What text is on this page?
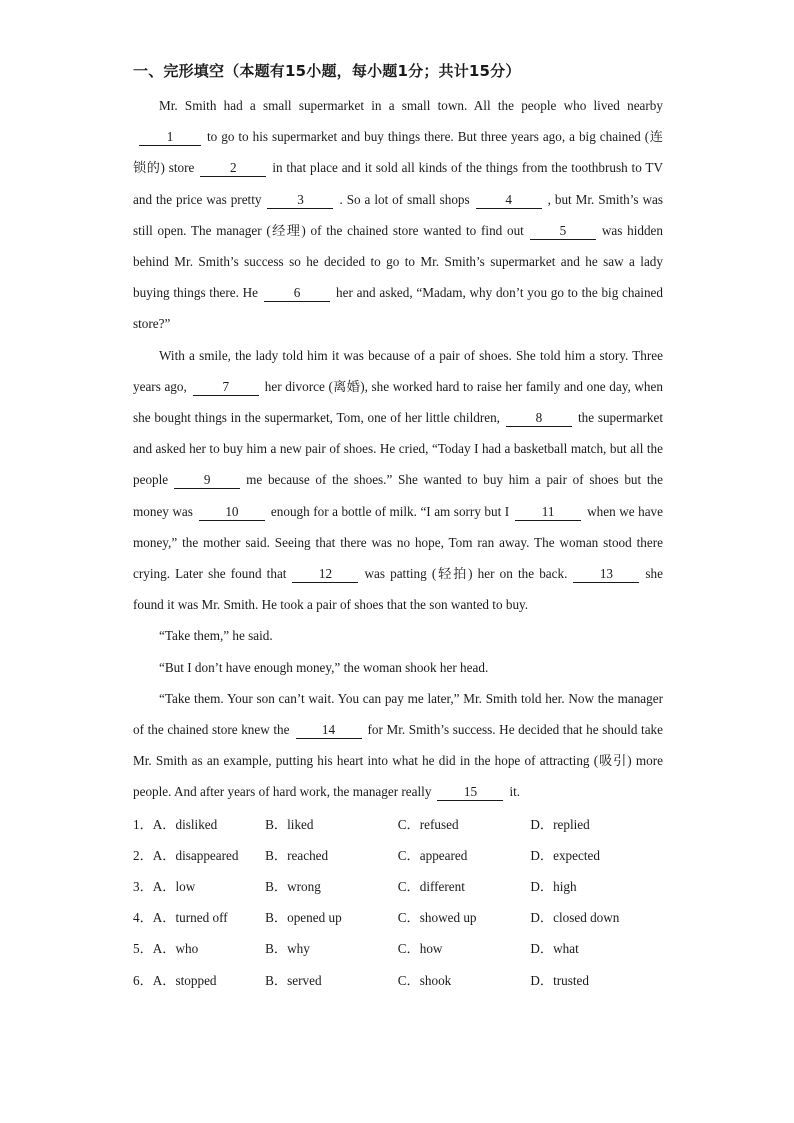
一、完形填空（本题有15小题，每小题1分；共计15分）

Mr. Smith had a small supermarket in a small town. All the people who lived nearby1	to go to his supermarket and buy things there. But three years ago, a big chained (连锁的) store	2	in that place and it sold all kinds of the things from the toothbrush to TV and the price was pretty	3	. So a lot of small shops	4	, but Mr. Smith’s was still open. The manager (经理) of the chained store wanted to find out	5	was hidden behind Mr. Smith’s success so he decided to go to Mr. Smith’s supermarket and he saw a lady buying things there. He	6	her and asked, “Madam, why don’t you go to the big chained store?”

With a smile, the lady told him it was because of a pair of shoes. She told him a story. Three years ago,	7	her divorce (离婚), she worked hard to raise her family and one day, when she bought things in the supermarket, Tom, one of her little children,	8	the supermarket and asked her to buy him a new pair of shoes. He cried, “Today I had a basketball match, but all the people	9	me because of the shoes.” She wanted to buy him a pair of shoes but the money was 10 enough for a bottle of milk. “I am sorry but I 11 when we have money,” the mother said. Seeing that there was no hope, Tom ran away. The woman stood there crying. Later she found that 12 was patting (轻拍) her on the back. 13 she found it was Mr. Smith. He took a pair of shoes that the son wanted to buy.

“Take them,” he said.

“But I don’t have enough money,” the woman shook her head.

“Take them. Your son can’t wait. You can pay me later,” Mr. Smith told her. Now the manager of the chained store knew the 14 for Mr. Smith’s success. He decided that he should take Mr. Smith as an example, putting his heart into what he did in the hope of attracting (吸引) more people. And after years of hard work, the manager really 15 it.

1．A．disliked	B．liked	C．refused	D．replied
2．A．disappeared	B．reached	C．appeared	D．expected
3．A．low	B．wrong	C．different	D．high
4．A．turned off	B．opened up	C．showed up	D．closed down
5．A．who	B．why	C．how	D．what
6．A．stopped	B．served	C．shook	D．trusted
